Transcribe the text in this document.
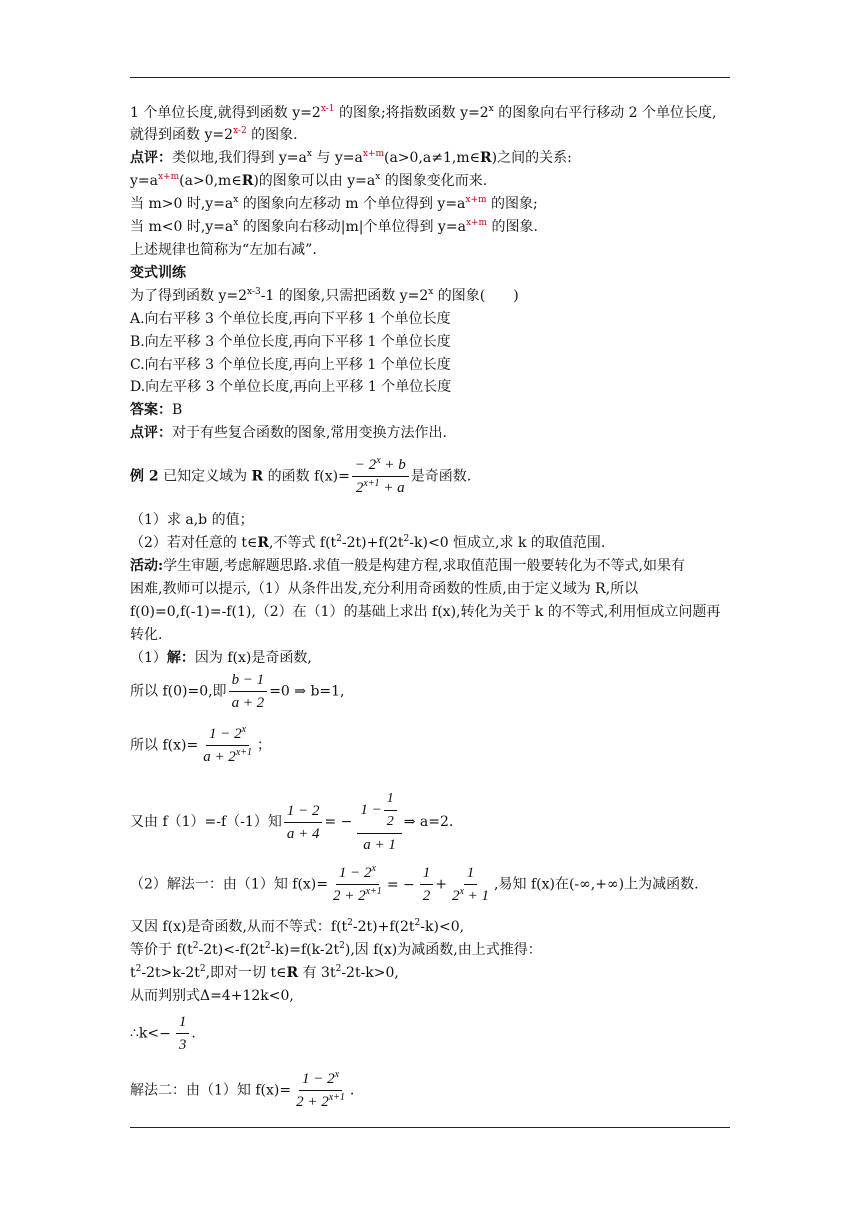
1 个单位长度,就得到函数 $y=2^{x-1}$ 的图象;将指数函数 $y=2^x$ 的图象向右平行移动 2 个单位长度,
就得到函数 $y=2^{x-2}$ 的图象.
点评：类似地,我们得到 $y=a^x$ 与 $y=a^{x+m}(a>0,a\ne 1,m\in R)$之间的关系:
$y=a^{x+m}(a>0,m\in R)$的图象可以由 $y=a^x$ 的图象变化而来.
当 m>0 时$,y=a^x$ 的图象向左移动 m 个单位得到 $y=a^{x+m}$ 的图象;
当 m<0 时$,y=a^x$ 的图象向右移动|m|个单位得到 $y=a^{x+m}$ 的图象.
上述规律也简称为“左加右减”.
变式训练
为了得到函数 $y=2^{x-3}-1$ 的图象,只需把函数 $y=2^x$ 的图象(　　)
A.向右平移 3 个单位长度,再向下平移 1 个单位长度
B.向左平移 3 个单位长度,再向下平移 1 个单位长度
C.向右平移 3 个单位长度,再向上平移 1 个单位长度
D.向左平移 3 个单位长度,再向上平移 1 个单位长度
答案：B
点评：对于有些复合函数的图象,常用变换方法作出.
例 2 已知定义域为 R 的函数 $f(x)= \frac{- 2^x + b}{2^{x+1} + a}$ 是奇函数.
（1）求 a,b 的值；
（2）若对任意的 t∈R,不等式 $f(t^2-2t)+f(2t^2-k)<0$ 恒成立,求 k 的取值范围.
活动:学生审题,考虑解题思路.求值一般是构建方程,求取值范围一般要转化为不等式,如果有
困难,教师可以提示,（1）从条件出发,充分利用奇函数的性质,由于定义域为 R,所以
f(0)=0,f(-1)=-f(1),（2）在（1）的基础上求出 f(x),转化为关于 k 的不等式,利用恒成立问题再
转化.
（1）解：因为 f(x)是奇函数,
所以 f(0)=0,即 $\frac{b - 1}{a + 2} =0$ ⇒ b=1,
所以 $f(x)= \frac{1 - 2^x}{a + 2^{x+1}}$ ；
又由 f（1）=-f（-1）知 $\frac{1 - 2}{a + 4}$ = − $\frac{1 - \frac{1}{2}}{a + 1}$ ⇒ a=2.
（2）解法一：由（1）知 $f(x)= \frac{1 - 2^x}{2 + 2^{x+1}}$ = − $\frac{1}{2} + \frac{1}{2^x + 1}$ ,易知 f(x)在(-∞,+∞)上为减函数.
又因 f(x)是奇函数,从而不等式：$f(t^2-2t)+f(2t^2-k)<0$,
等价于 $f(t^2-2t)<-f(2t^2-k)=f(k-2t^2)$,因 f(x)为减函数,由上式推得：
$t^2-2t>k-2t^2$,即对一切 t∈R 有 $3t^2-2t-k>0$,
从而判别式Δ=4+12k<0,
∴k<− $\frac{1}{3}$ .
解法二：由（1）知 $f(x)= \frac{1 - 2^x}{2 + 2^{x+1}}$ .
